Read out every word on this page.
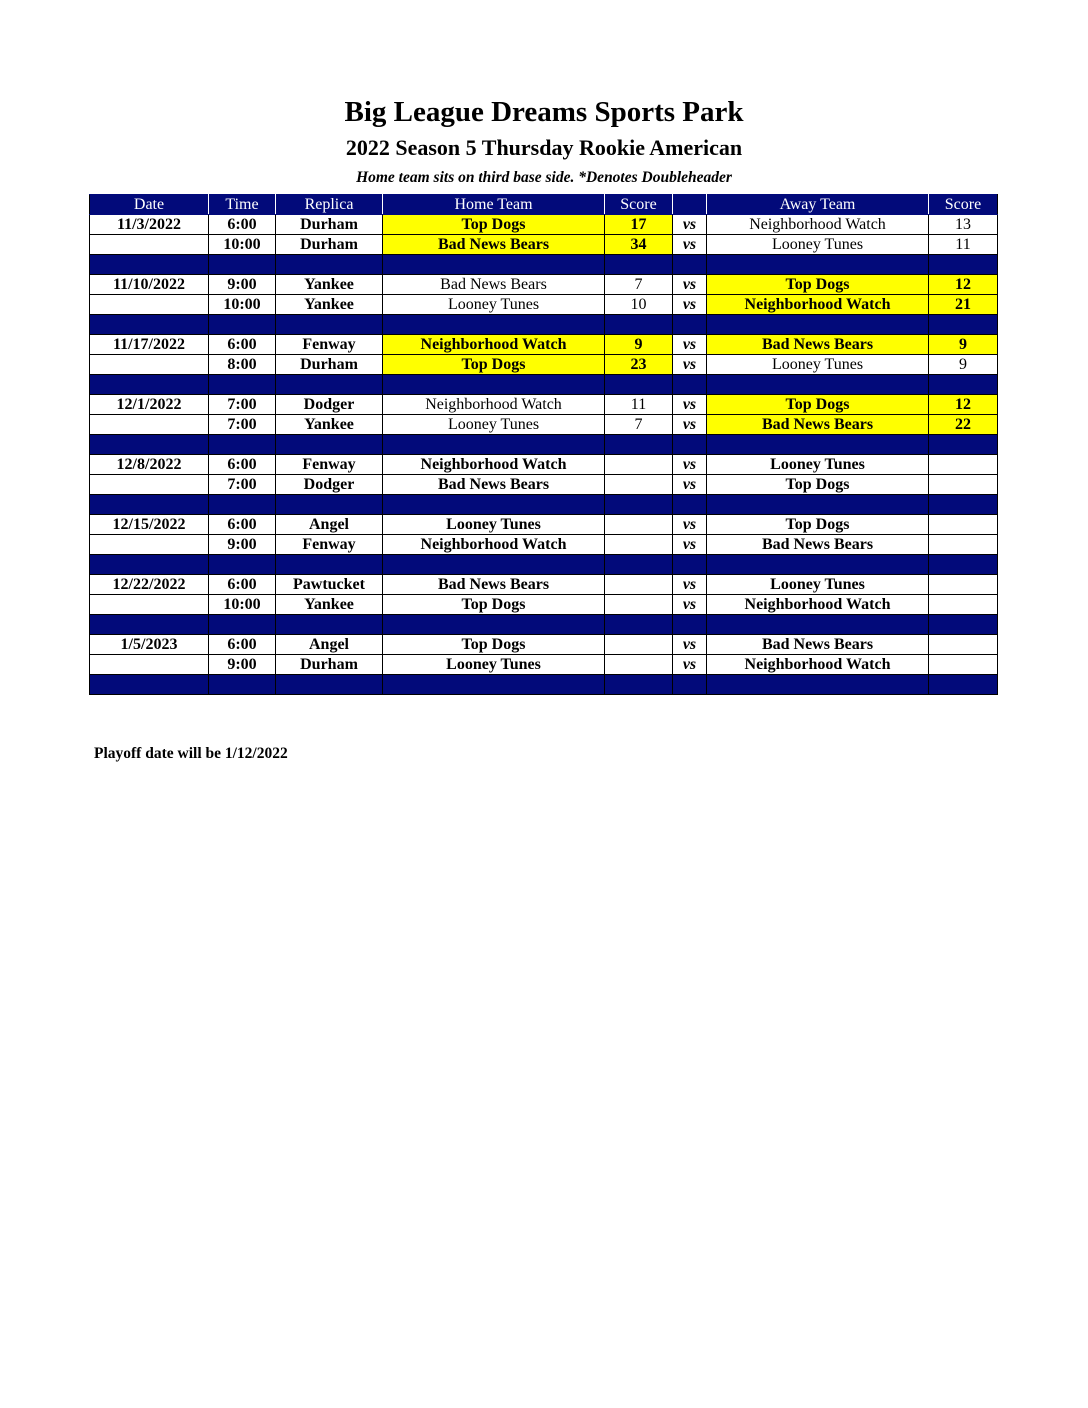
Big League Dreams Sports Park
2022 Season 5 Thursday Rookie American
Home team sits on third base side. *Denotes Doubleheader
Date	Time	Replica	Home Team	Score		Away Team	Score
11/3/2022	6:00	Durham	Top Dogs	17	vs	Neighborhood Watch	13
	10:00	Durham	Bad News Bears	34	vs	Looney Tunes	11

11/10/2022	9:00	Yankee	Bad News Bears	7	vs	Top Dogs	12
	10:00	Yankee	Looney Tunes	10	vs	Neighborhood Watch	21

11/17/2022	6:00	Fenway	Neighborhood Watch	9	vs	Bad News Bears	9
	8:00	Durham	Top Dogs	23	vs	Looney Tunes	9

12/1/2022	7:00	Dodger	Neighborhood Watch	11	vs	Top Dogs	12
	7:00	Yankee	Looney Tunes	7	vs	Bad News Bears	22

12/8/2022	6:00	Fenway	Neighborhood Watch		vs	Looney Tunes	
	7:00	Dodger	Bad News Bears		vs	Top Dogs	

12/15/2022	6:00	Angel	Looney Tunes		vs	Top Dogs	
	9:00	Fenway	Neighborhood Watch		vs	Bad News Bears	

12/22/2022	6:00	Pawtucket	Bad News Bears		vs	Looney Tunes	
	10:00	Yankee	Top Dogs		vs	Neighborhood Watch	

1/5/2023	6:00	Angel	Top Dogs		vs	Bad News Bears	
	9:00	Durham	Looney Tunes		vs	Neighborhood Watch	

Playoff date will be 1/12/2022
